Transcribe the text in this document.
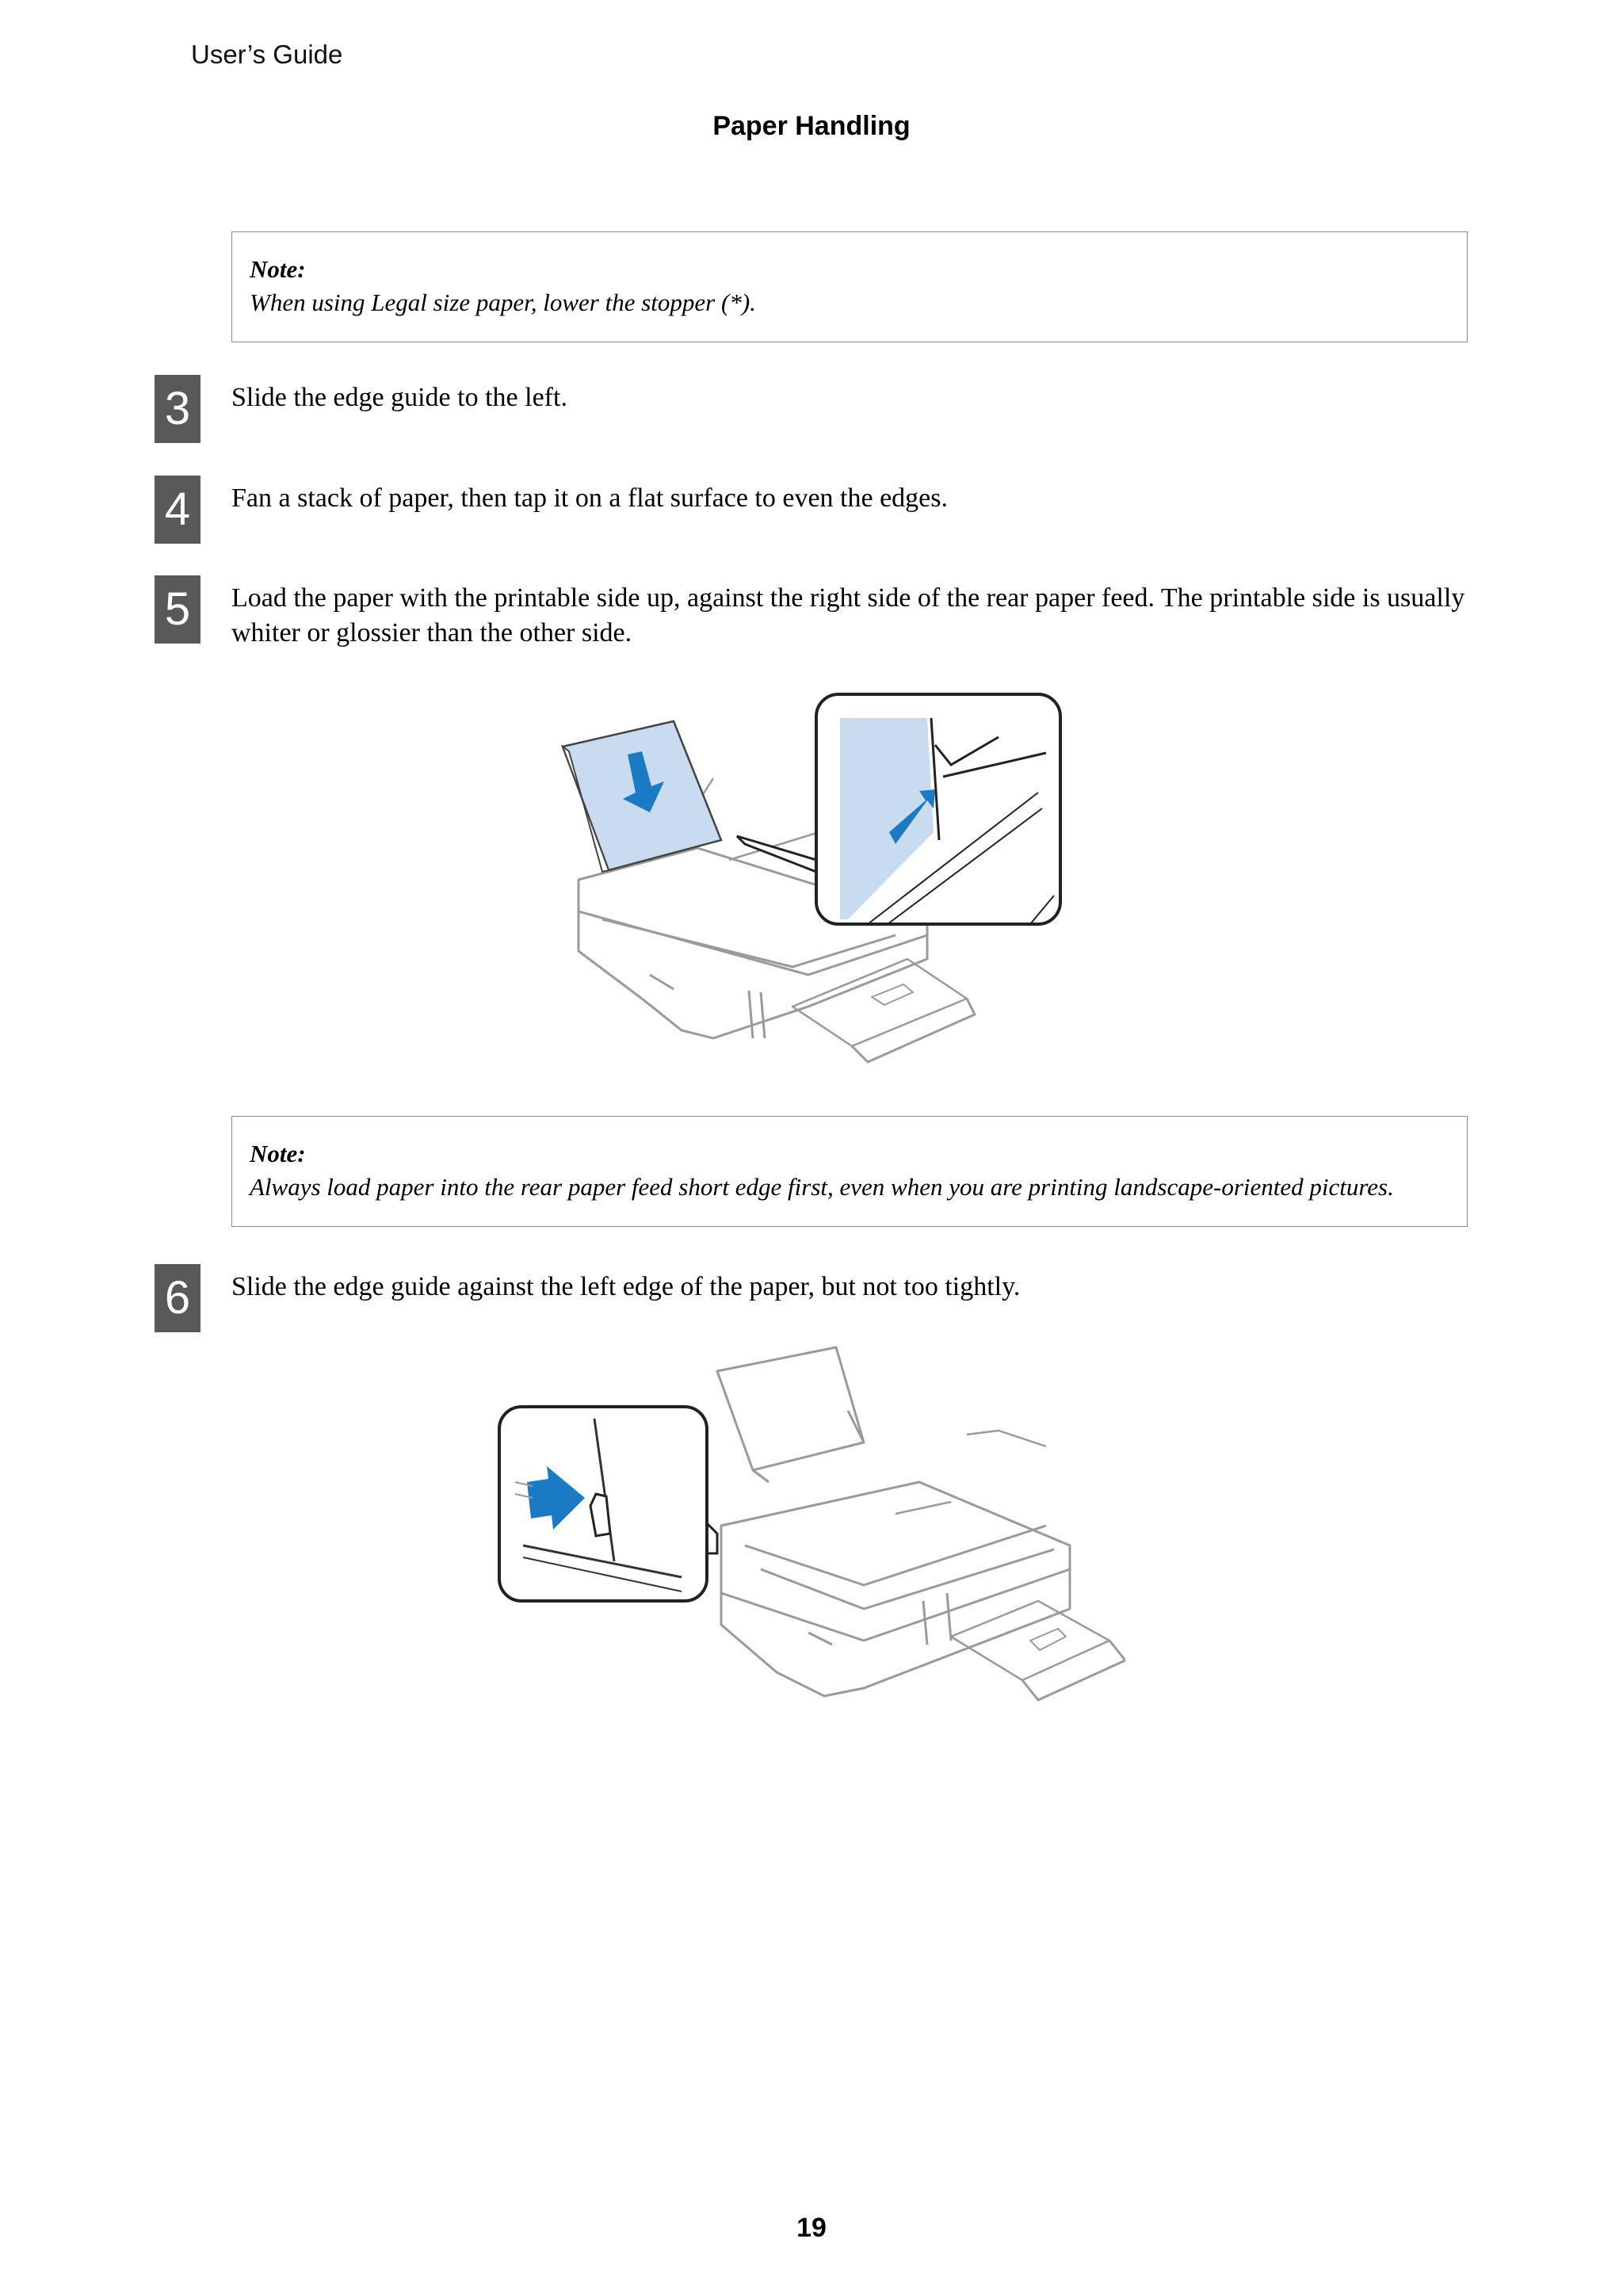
User’s Guide
Paper Handling
Note:
When using Legal size paper, lower the stopper (*).
3	Slide the edge guide to the left.
4	Fan a stack of paper, then tap it on a flat surface to even the edges.
5	Load the paper with the printable side up, against the right side of the rear paper feed. The printable side is usually whiter or glossier than the other side.
Note:
Always load paper into the rear paper feed short edge first, even when you are printing landscape-oriented pictures.
6	Slide the edge guide against the left edge of the paper, but not too tightly.
19
